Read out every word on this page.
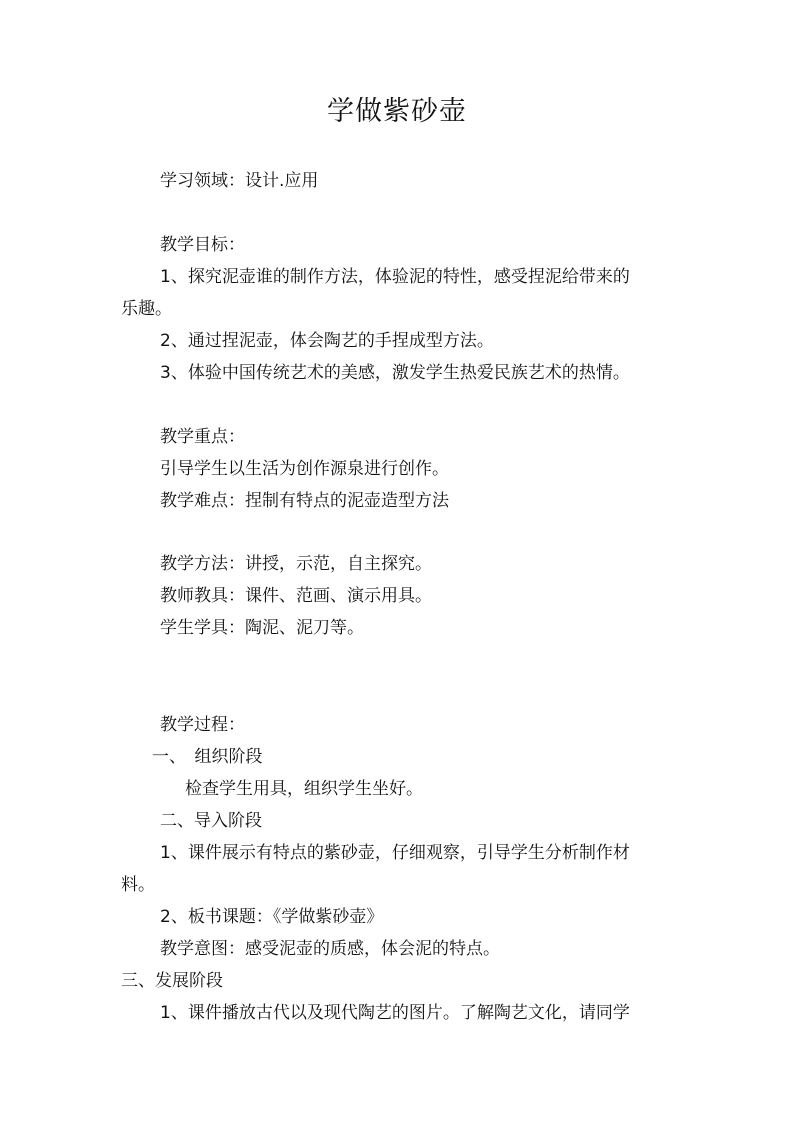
学做紫砂壶
学习领域：设计.应用
教学目标：
1、探究泥壶谁的制作方法，体验泥的特性，感受捏泥给带来的
乐趣。
2、通过捏泥壶，体会陶艺的手捏成型方法。
3、体验中国传统艺术的美感，激发学生热爱民族艺术的热情。
教学重点：
引导学生以生活为创作源泉进行创作。
教学难点：捏制有特点的泥壶造型方法
教学方法：讲授，示范，自主探究。
教师教具：课件、范画、演示用具。
学生学具：陶泥、泥刀等。
教学过程：
一、　组织阶段
检查学生用具，组织学生坐好。
二、导入阶段
1、课件展示有特点的紫砂壶，仔细观察，引导学生分析制作材
料。
2、板书课题：《学做紫砂壶》
教学意图：感受泥壶的质感，体会泥的特点。
三、发展阶段
1、课件播放古代以及现代陶艺的图片。了解陶艺文化，请同学
